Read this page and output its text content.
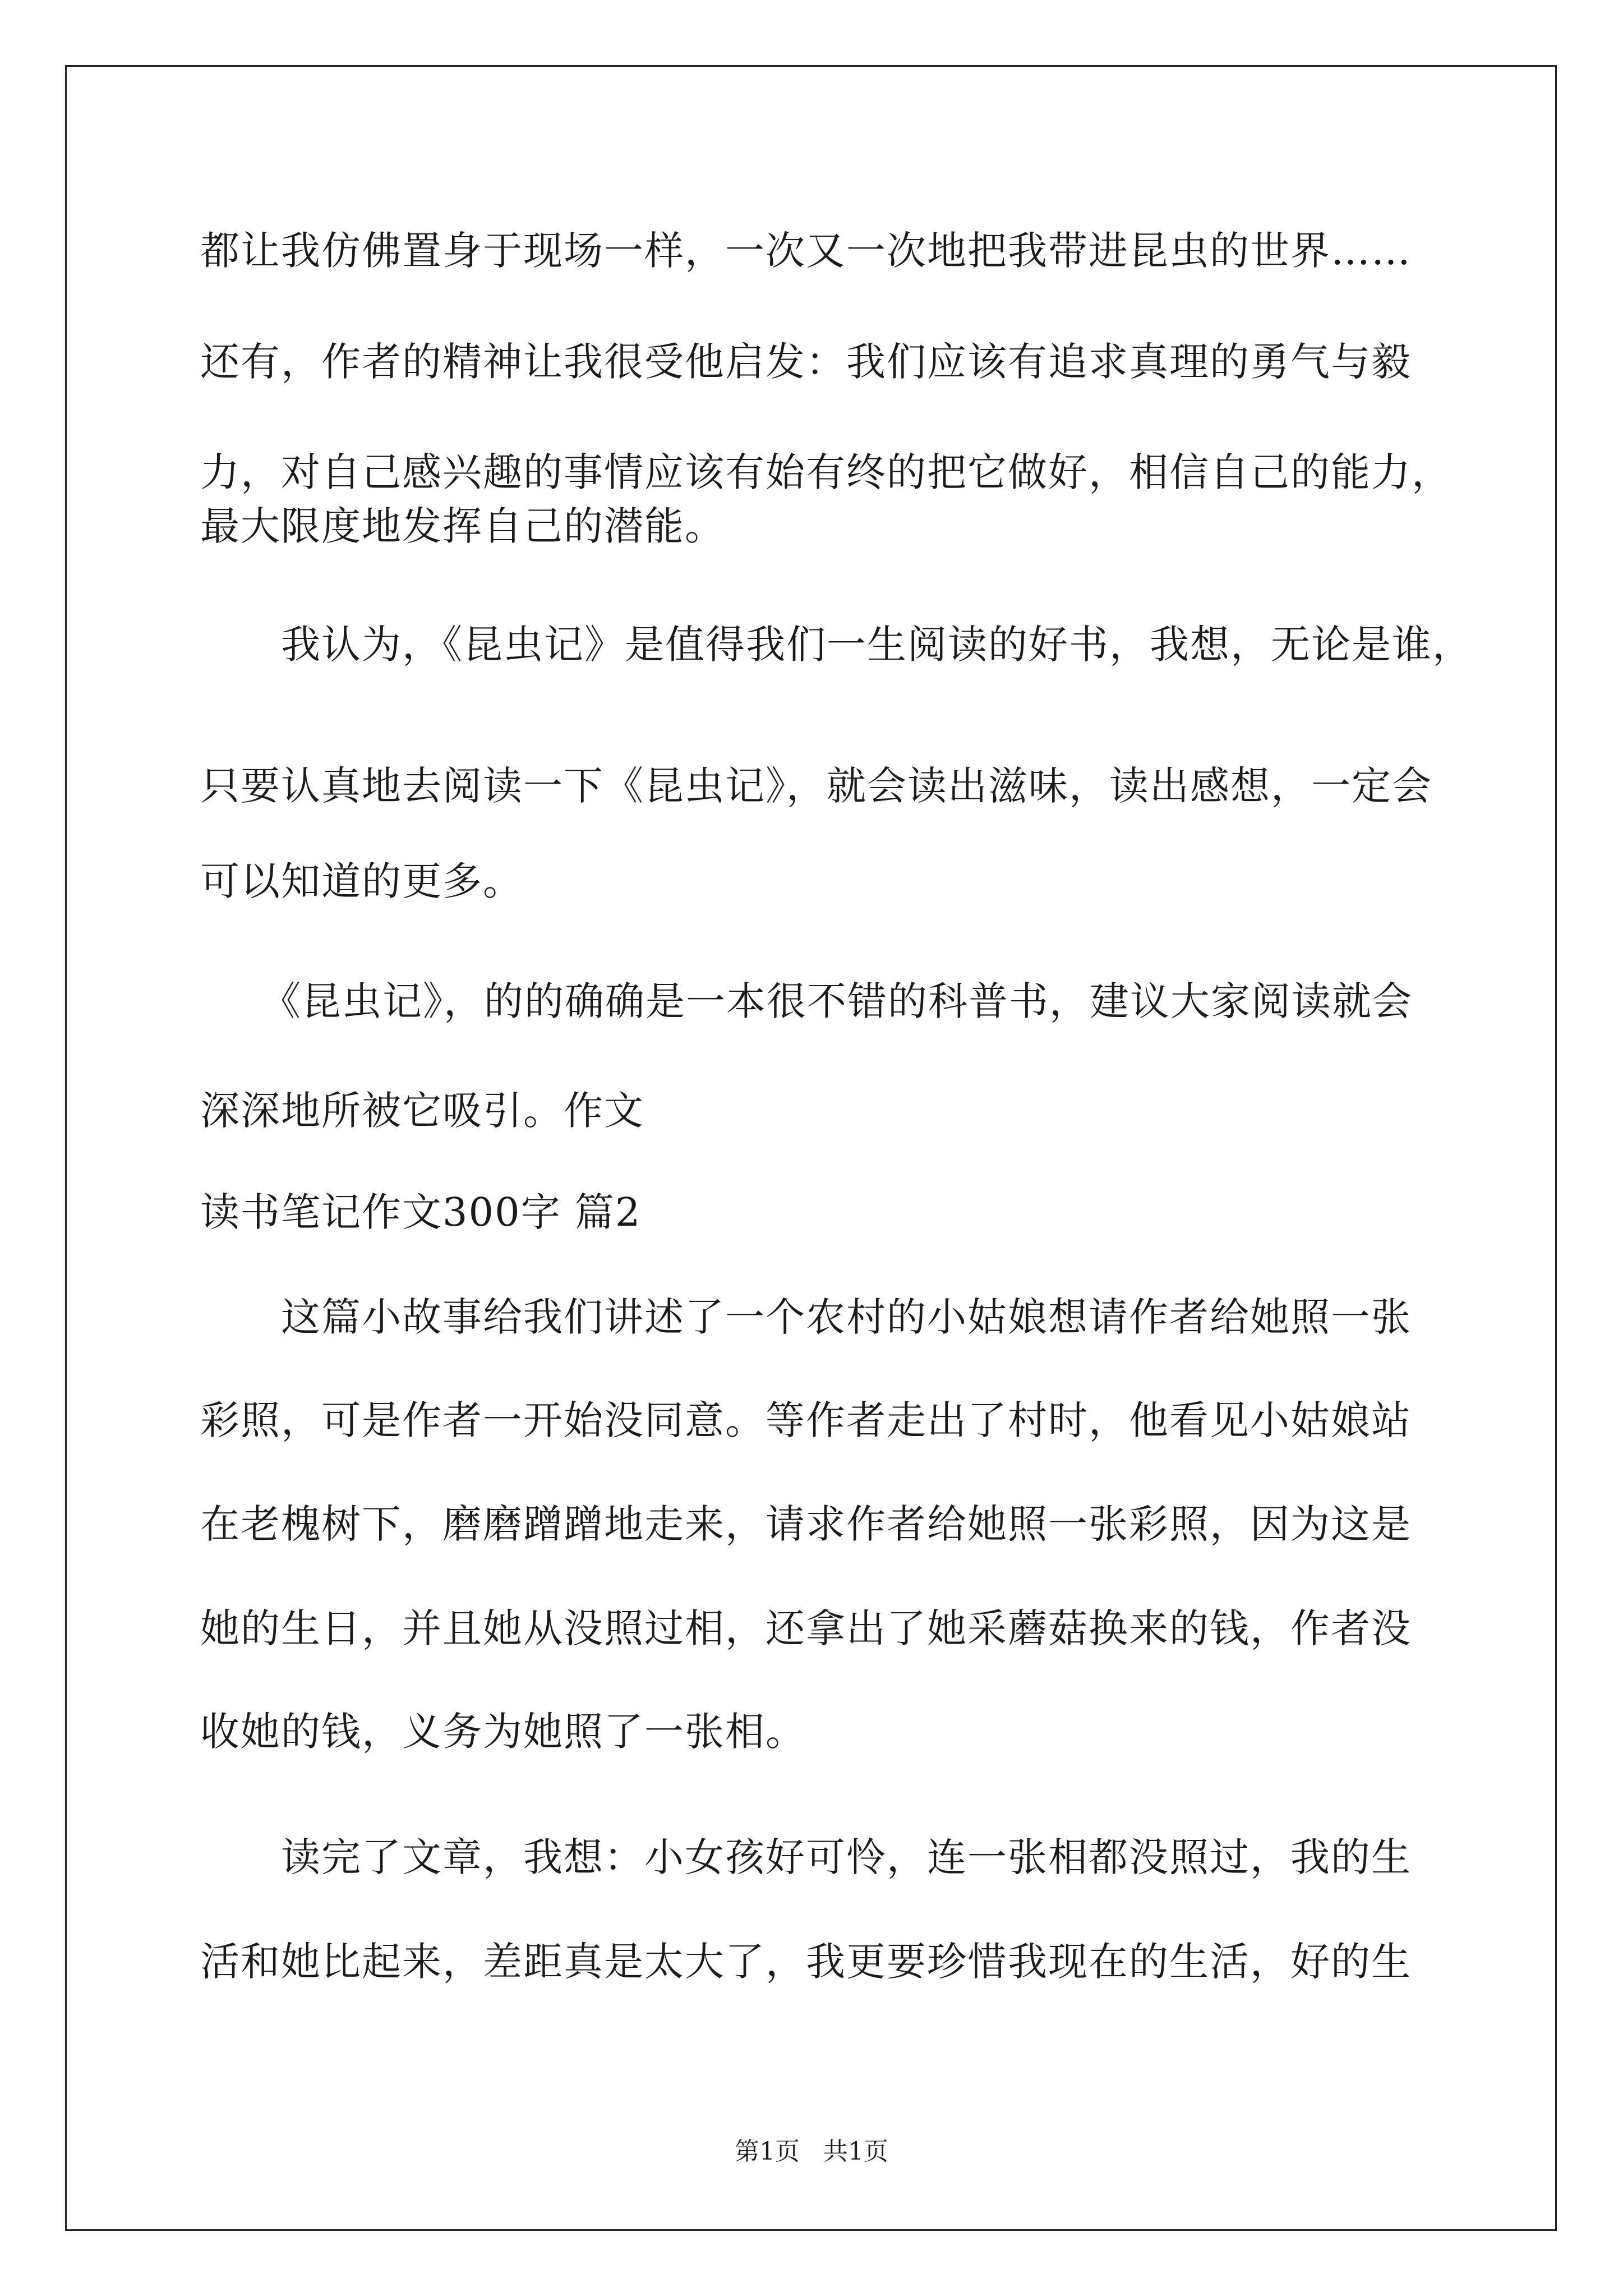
都让我仿佛置身于现场一样，一次又一次地把我带进昆虫的世界……
还有，作者的精神让我很受他启发：我们应该有追求真理的勇气与毅
力，对自己感兴趣的事情应该有始有终的把它做好，相信自己的能力，
最大限度地发挥自己的潜能。
　　我认为，《昆虫记》是值得我们一生阅读的好书，我想，无论是谁，
只要认真地去阅读一下《昆虫记》，就会读出滋味，读出感想，一定会
可以知道的更多。
　　《昆虫记》，的的确确是一本很不错的科普书，建议大家阅读就会
深深地所被它吸引。作文
读书笔记作文300字 篇2
　　这篇小故事给我们讲述了一个农村的小姑娘想请作者给她照一张
彩照，可是作者一开始没同意。等作者走出了村时，他看见小姑娘站
在老槐树下，磨磨蹭蹭地走来，请求作者给她照一张彩照，因为这是
她的生日，并且她从没照过相，还拿出了她采蘑菇换来的钱，作者没
收她的钱，义务为她照了一张相。
　　读完了文章，我想：小女孩好可怜，连一张相都没照过，我的生
活和她比起来，差距真是太大了，我更要珍惜我现在的生活，好的生
第1页   共1页
